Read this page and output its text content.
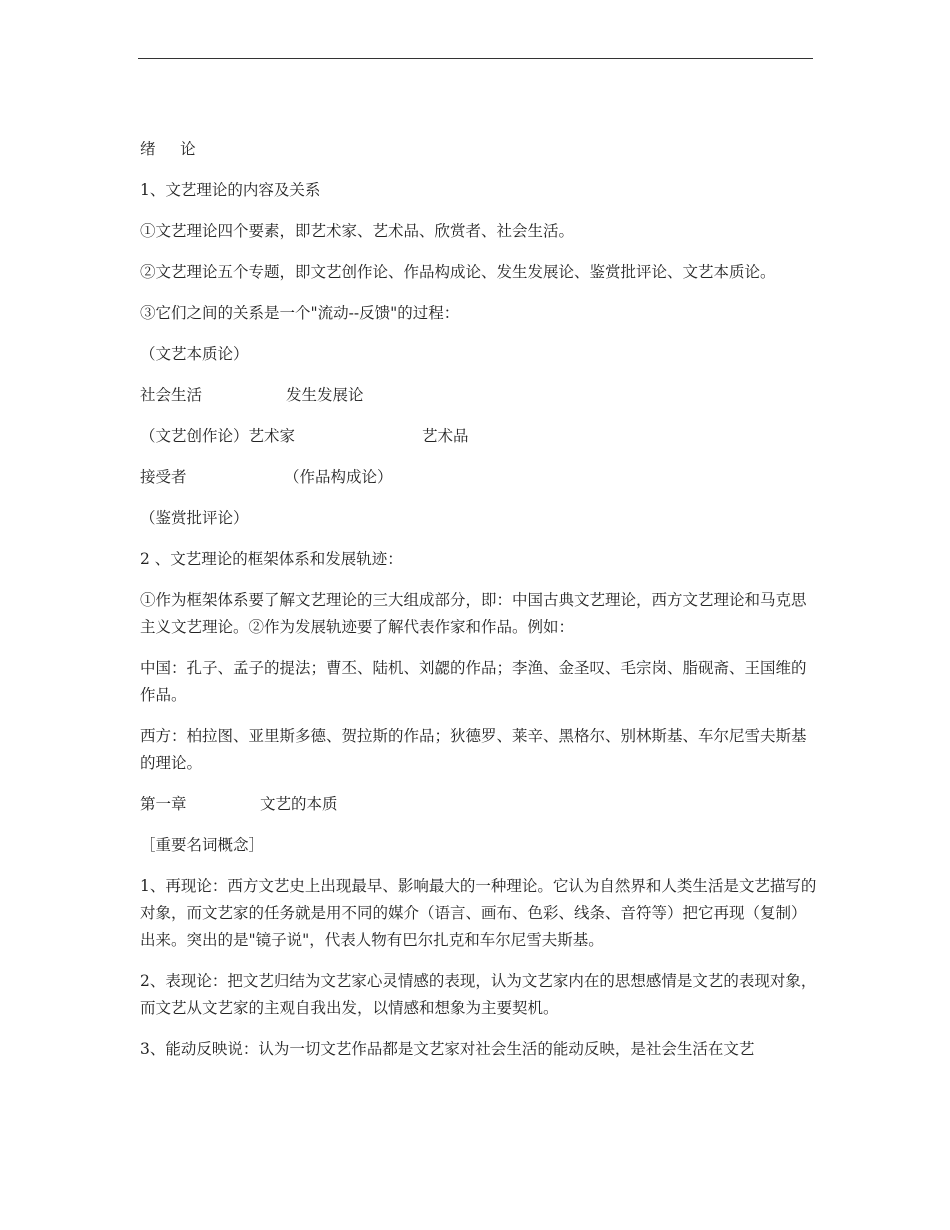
绪     论

1、文艺理论的内容及关系

①文艺理论四个要素，即艺术家、艺术品、欣赏者、社会生活。

②文艺理论五个专题，即文艺创作论、作品构成论、发生发展论、鉴赏批评论、文艺本质论。

③它们之间的关系是一个"流动--反馈"的过程：

（文艺本质论）

社会生活	发生发展论

（文艺创作论）艺术家	艺术品

接受者	（作品构成论）

（鉴赏批评论）

2 、文艺理论的框架体系和发展轨迹：

①作为框架体系要了解文艺理论的三大组成部分，即：中国古典文艺理论，西方文艺理论和马克思主义文艺理论。②作为发展轨迹要了解代表作家和作品。例如：

中国：孔子、孟子的提法；曹丕、陆机、刘勰的作品；李渔、金圣叹、毛宗岗、脂砚斋、王国维的作品。

西方：柏拉图、亚里斯多德、贺拉斯的作品；狄德罗、莱辛、黑格尔、别林斯基、车尔尼雪夫斯基的理论。

第一章	文艺的本质

［重要名词概念］

1、再现论：西方文艺史上出现最早、影响最大的一种理论。它认为自然界和人类生活是文艺描写的对象，而文艺家的任务就是用不同的媒介（语言、画布、色彩、线条、音符等）把它再现（复制）出来。突出的是"镜子说"，代表人物有巴尔扎克和车尔尼雪夫斯基。

2、表现论：把文艺归结为文艺家心灵情感的表现，认为文艺家内在的思想感情是文艺的表现对象，而文艺从文艺家的主观自我出发，以情感和想象为主要契机。

3、能动反映说：认为一切文艺作品都是文艺家对社会生活的能动反映，是社会生活在文艺
